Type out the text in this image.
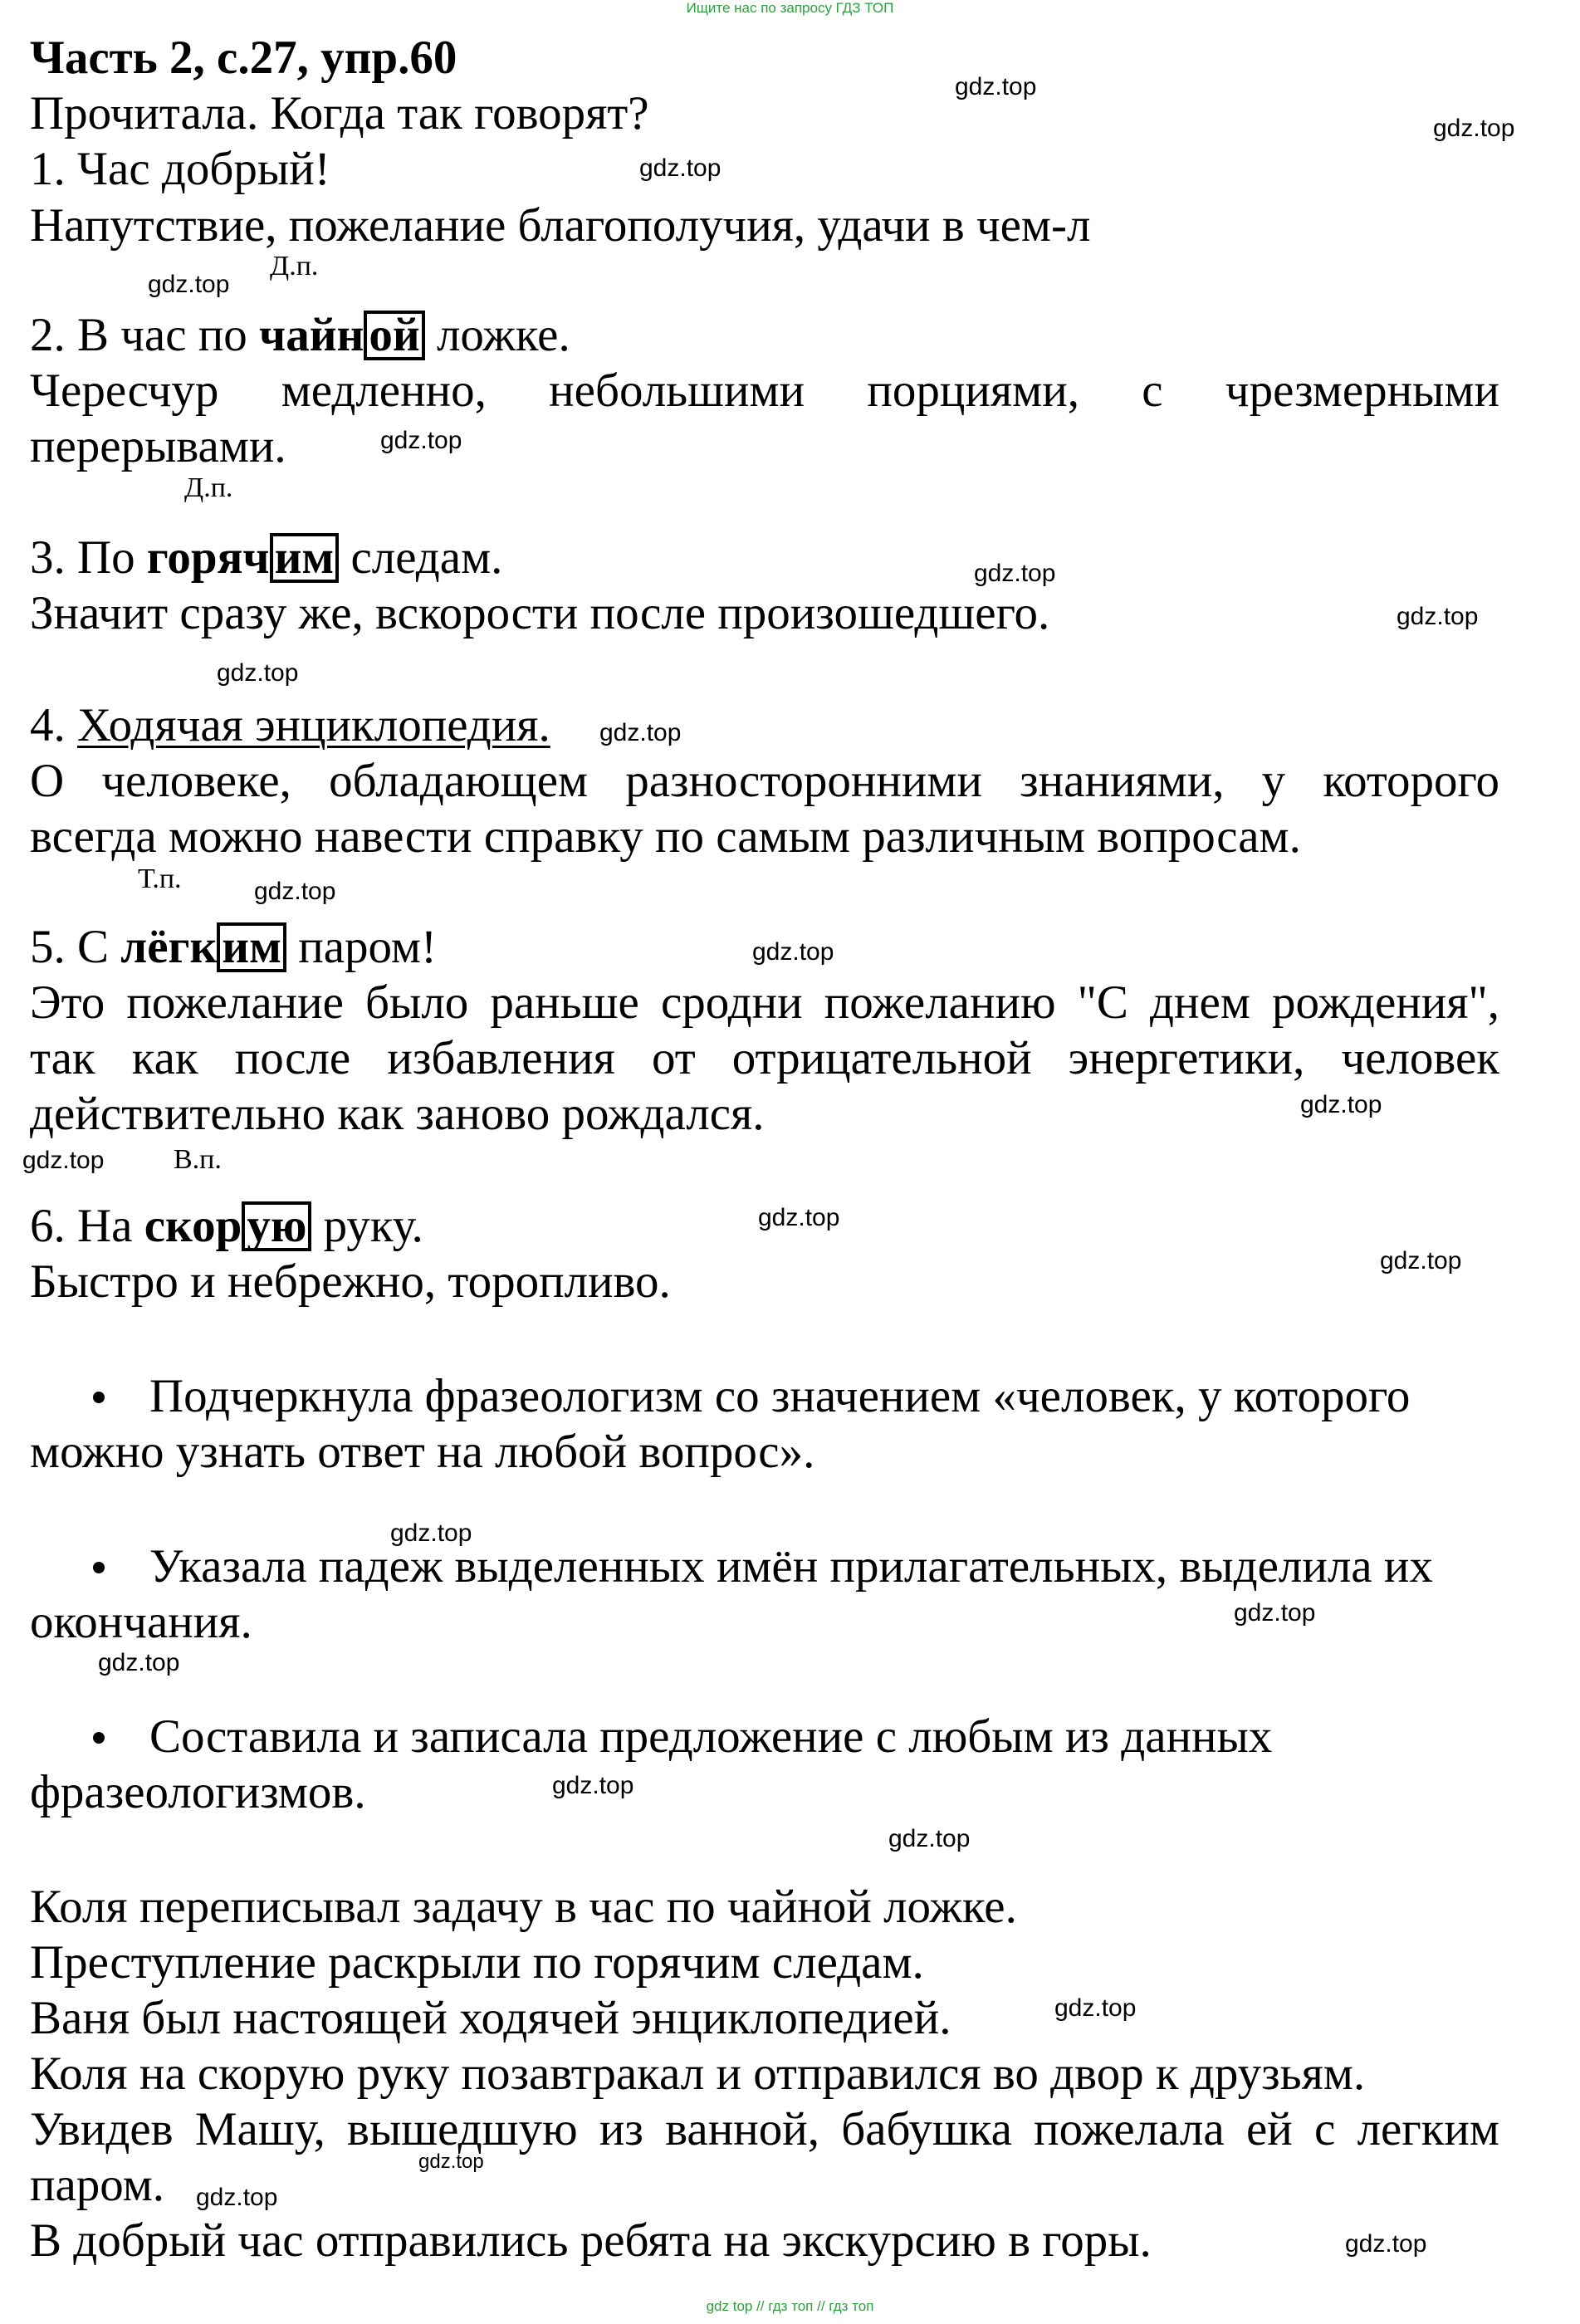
Ищите нас по запросу ГДЗ ТОП
Часть 2, с.27, упр.60
Прочитала. Когда так говорят?
1. Час добрый!
Напутствие, пожелание благополучия, удачи в чем-л
Д.п.
2. В час по чайн ой ложке.
Чересчур медленно, небольшими порциями, с чрезмерными
перерывами.
Д.п.
3. По горяч им следам.
Значит сразу же, вскорости после произошедшего.
4. Ходячая энциклопедия.
О человеке, обладающем разносторонними знаниями, у которого
всегда можно навести справку по самым различным вопросам.
Т.п.
5. С лёгк им паром!
Это пожелание было раньше сродни пожеланию "С днем рождения",
так как после избавления от отрицательной энергетики, человек
действительно как заново рождался.
В.п.
6. На скор ую руку.
Быстро и небрежно, торопливо.
Подчеркнула фразеологизм со значением «человек, у которого
можно узнать ответ на любой вопрос».
Указала падеж выделенных имён прилагательных, выделила их
окончания.
Составила и записала предложение с любым из данных
фразеологизмов.
Коля переписывал задачу в час по чайной ложке.
Преступление раскрыли по горячим следам.
Ваня был настоящей ходячей энциклопедией.
Коля на скорую руку позавтракал и отправился во двор к друзьям.
Увидев Машу, вышедшую из ванной, бабушка пожелала ей с легким
паром.
В добрый час отправились ребята на экскурсию в горы.
gdz.top
gdz.top
gdz.top
gdz.top
gdz.top
gdz.top
gdz.top
gdz.top
gdz.top
gdz.top
gdz.top
gdz.top
gdz.top
gdz.top
gdz.top
gdz.top
gdz.top
gdz.top
gdz.top
gdz.top
gdz.top
gdz.top
gdz.top
gdz.top
gdz top // гдз топ // гдз топ
